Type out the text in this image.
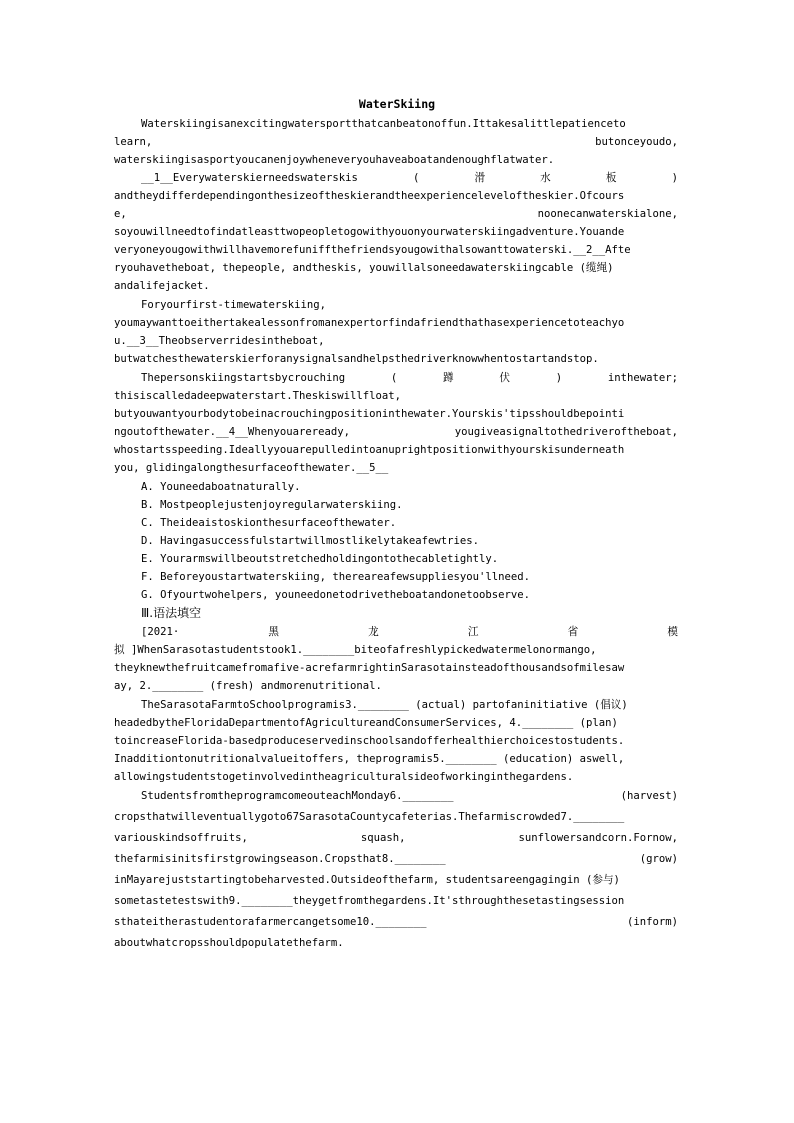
WaterSkiing
Waterskiingisanexcitingwatersportthatcanbeatonoffun.Ittakesalittlepatienceto
learn,	butonceyoudo,
waterskiingisasportyoucanenjoywheneveryouhaveaboatandenoughflatwater.
__1__Everywaterskierneedswaterskis	(	滑	水	板	)
andtheydifferdependingonthesizeoftheskierandtheexperienceleveloftheskier.Ofcours
e,	noonecanwaterskialone,
soyouwillneedtofindatleasttwopeopletogowithyouonyourwaterskiingadventure.Youande
veryoneyougowithwillhavemorefuniffthefriendsyougowithalsowanttowaterski.__2__Afte
ryouhavetheboat, thepeople, andtheskis, youwillalsoneedawaterskiingcable (缆绳)
andalifejacket.
Foryourfirst-timewaterskiing,
youmaywanttoeithertakealessonfromanexpertorfindafriendthathasexperiencetoteachyo
u.__3__Theobserverridesintheboat,
butwatchesthewaterskierforanysignalsandhelpsthedriverknowwhentostartandstop.
Thepersonskiingstartsbycrouching	(	蹲	伏	)	inthewater;
thisiscalledadeepwaterstart.Theskiswillfloat,
butyouwantyourbodytobeinacrouchingpositioninthewater.Yourskis'tipsshouldbepointi
ngoutofthewater.__4__Whenyouareready,	yougiveasignaltothedriveroftheboat,
whostartsspeeding.Ideallyyouarepulledintoanuprightpositionwithyourskisunderneath
you, glidingalongthesurfaceofthewater.__5__
A. Youneedaboatnaturally.
B. Mostpeoplejustenjoyregularwaterskiing.
C. Theideaistoskionthesurfaceofthewater.
D. Havingasuccessfulstartwillmostlikelytakeafewtries.
E. Yourarmswillbeoutstretchedholdingontothecabletightly.
F. Beforeyoustartwaterskiing, thereareafewsuppliesyou'llneed.
G. Ofyourtwohelpers, youneedonetodrivetheboatandonetoobserve.
Ⅲ.语法填空
[2021·	黑	龙	江	省	模
拟 ]WhenSarasotastudentstook1.________biteofafreshlypickedwatermelonormango,
theyknewthefruitcamefromafive-acrefarmrightinSarasotainsteadofthousandsofmilesaw
ay, 2.________ (fresh) andmorenutritional.
TheSarasotaFarmtoSchoolprogramis3.________ (actual) partofaninitiative (倡议)
headedbytheFloridaDepartmentofAgricultureandConsumerServices, 4.________ (plan)
toincreaseFlorida-basedproduceservedinschoolsandofferhealthierchoicestostudents.
Inadditiontonutritionalvalueitoffers, theprogramis5.________ (education) aswell,
allowingstudentstogetinvolvedintheagriculturalsideofworkinginthegardens.
StudentsfromtheprogramcomeouteachMonday6.________	(harvest)
cropsthatwilleventuallygoto67SarasotaCountycafeterias.Thefarmiscrowded7.________
variouskindsoffruits,	squash,	sunflowersandcorn.Fornow,
thefarmisinitsfirstgrowingseason.Cropsthat8.________	(grow)
inMayarejuststartingtobeharvested.Outsideofthefarm, studentsareengagingin (参与)
sometastetestswith9.________theygetfromthegardens.It'sthroughthesetastingsession
sthateitherastudentorafarmercangetsome10.________	(inform)
aboutwhatcropsshouldpopulatethefarm.
